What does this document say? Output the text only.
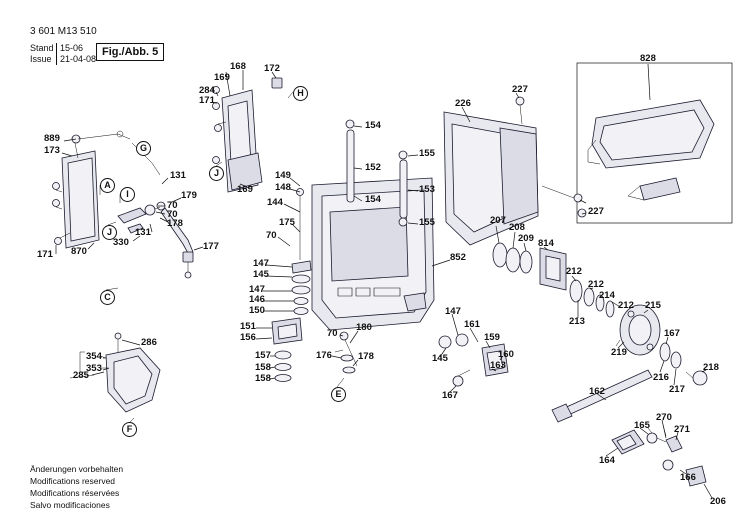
3 601 M13 510
Stand 15-06
Issue 21-04-08
Fig./Abb. 5
Änderungen vorbehalten
Modifications reserved
Modifications réservées
Salvo modificaciones
A
G
I
J
J
H
C
E
F
889
173
171 870
330
131
131
179
70
70
178
177
284
171
169
168 172
169
149
148
144
175
70
147
145
147
146
150
151
156
157
158
158
176
70
180
178
154
152
154
155
153
155
226
227
227
828
852
147
161
159
145	160
163
167
207
208
209 814
212
212
213
214
212 215
219
216
217
167
218
162
165
164
270
271
166
206
286
354
353
285
